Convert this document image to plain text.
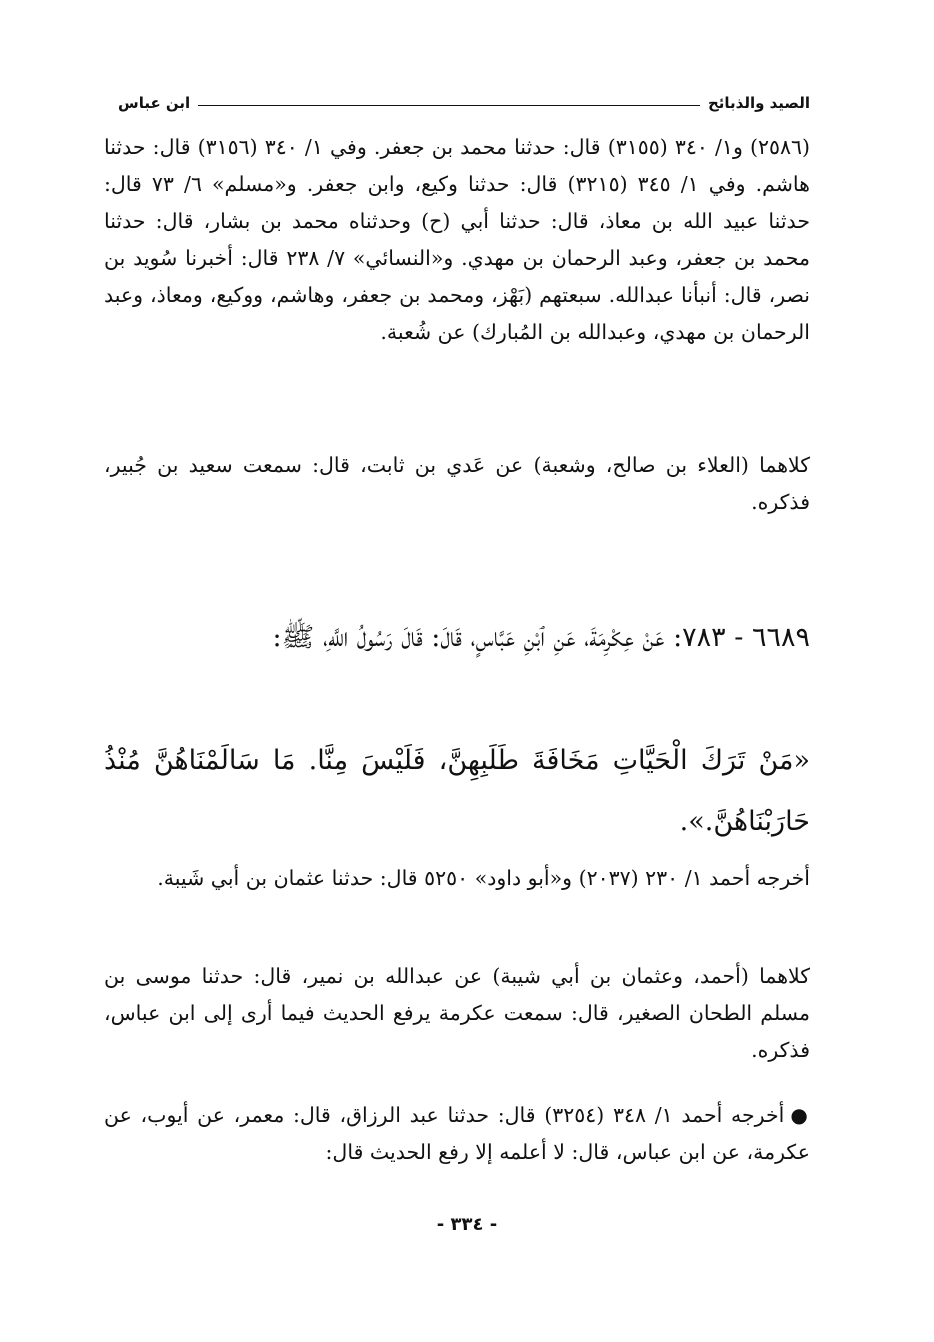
الصيد والذبائح
ابن عباس

(٢٥٨٦) و١/ ٣٤٠ (٣١٥٥) قال: حدثنا محمد بن جعفر. وفي ١/ ٣٤٠ (٣١٥٦) قال: حدثنا هاشم. وفي ١/ ٣٤٥ (٣٢١٥) قال: حدثنا وكيع، وابن جعفر. و«مسلم» ٦/ ٧٣ قال: حدثنا عبيد الله بن معاذ، قال: حدثنا أبي (ح) وحدثناه محمد بن بشار، قال: حدثنا محمد بن جعفر، وعبد الرحمان بن مهدي. و«النسائي» ٧/ ٢٣٨ قال: أخبرنا سُويد بن نصر، قال: أنبأنا عبدالله. سبعتهم (بَهْز، ومحمد بن جعفر، وهاشم، ووكيع، ومعاذ، وعبد الرحمان بن مهدي، وعبدالله بن المُبارك) عن شُعبة.

كلاهما (العلاء بن صالح، وشعبة) عن عَدي بن ثابت، قال: سمعت سعيد بن جُبير، فذكره.

٦٦٨٩ - ٧٨٣: عَنْ عِكْرِمَةَ، عَنِ ٱبْنِ عَبَّاسٍ، قَالَ: قَالَ رَسُولُ اللَّهِ، ﷺ:

«مَنْ تَرَكَ الْحَيَّاتِ مَخَافَةَ طَلَبِهِنَّ، فَلَيْسَ مِنَّا. مَا سَالَمْنَاهُنَّ مُنْذُ حَارَبْنَاهُنَّ.».

أخرجه أحمد ١/ ٢٣٠ (٢٠٣٧) و«أبو داود» ٥٢٥٠ قال: حدثنا عثمان بن أبي شَيبة.

كلاهما (أحمد، وعثمان بن أبي شيبة) عن عبدالله بن نمير، قال: حدثنا موسى بن مسلم الطحان الصغير، قال: سمعت عكرمة يرفع الحديث فيما أرى إلى ابن عباس، فذكره.

●أخرجه أحمد ١/ ٣٤٨ (٣٢٥٤) قال: حدثنا عبد الرزاق، قال: معمر، عن أيوب، عن عكرمة، عن ابن عباس، قال: لا أعلمه إلا رفع الحديث قال:

- ٣٣٤ -
